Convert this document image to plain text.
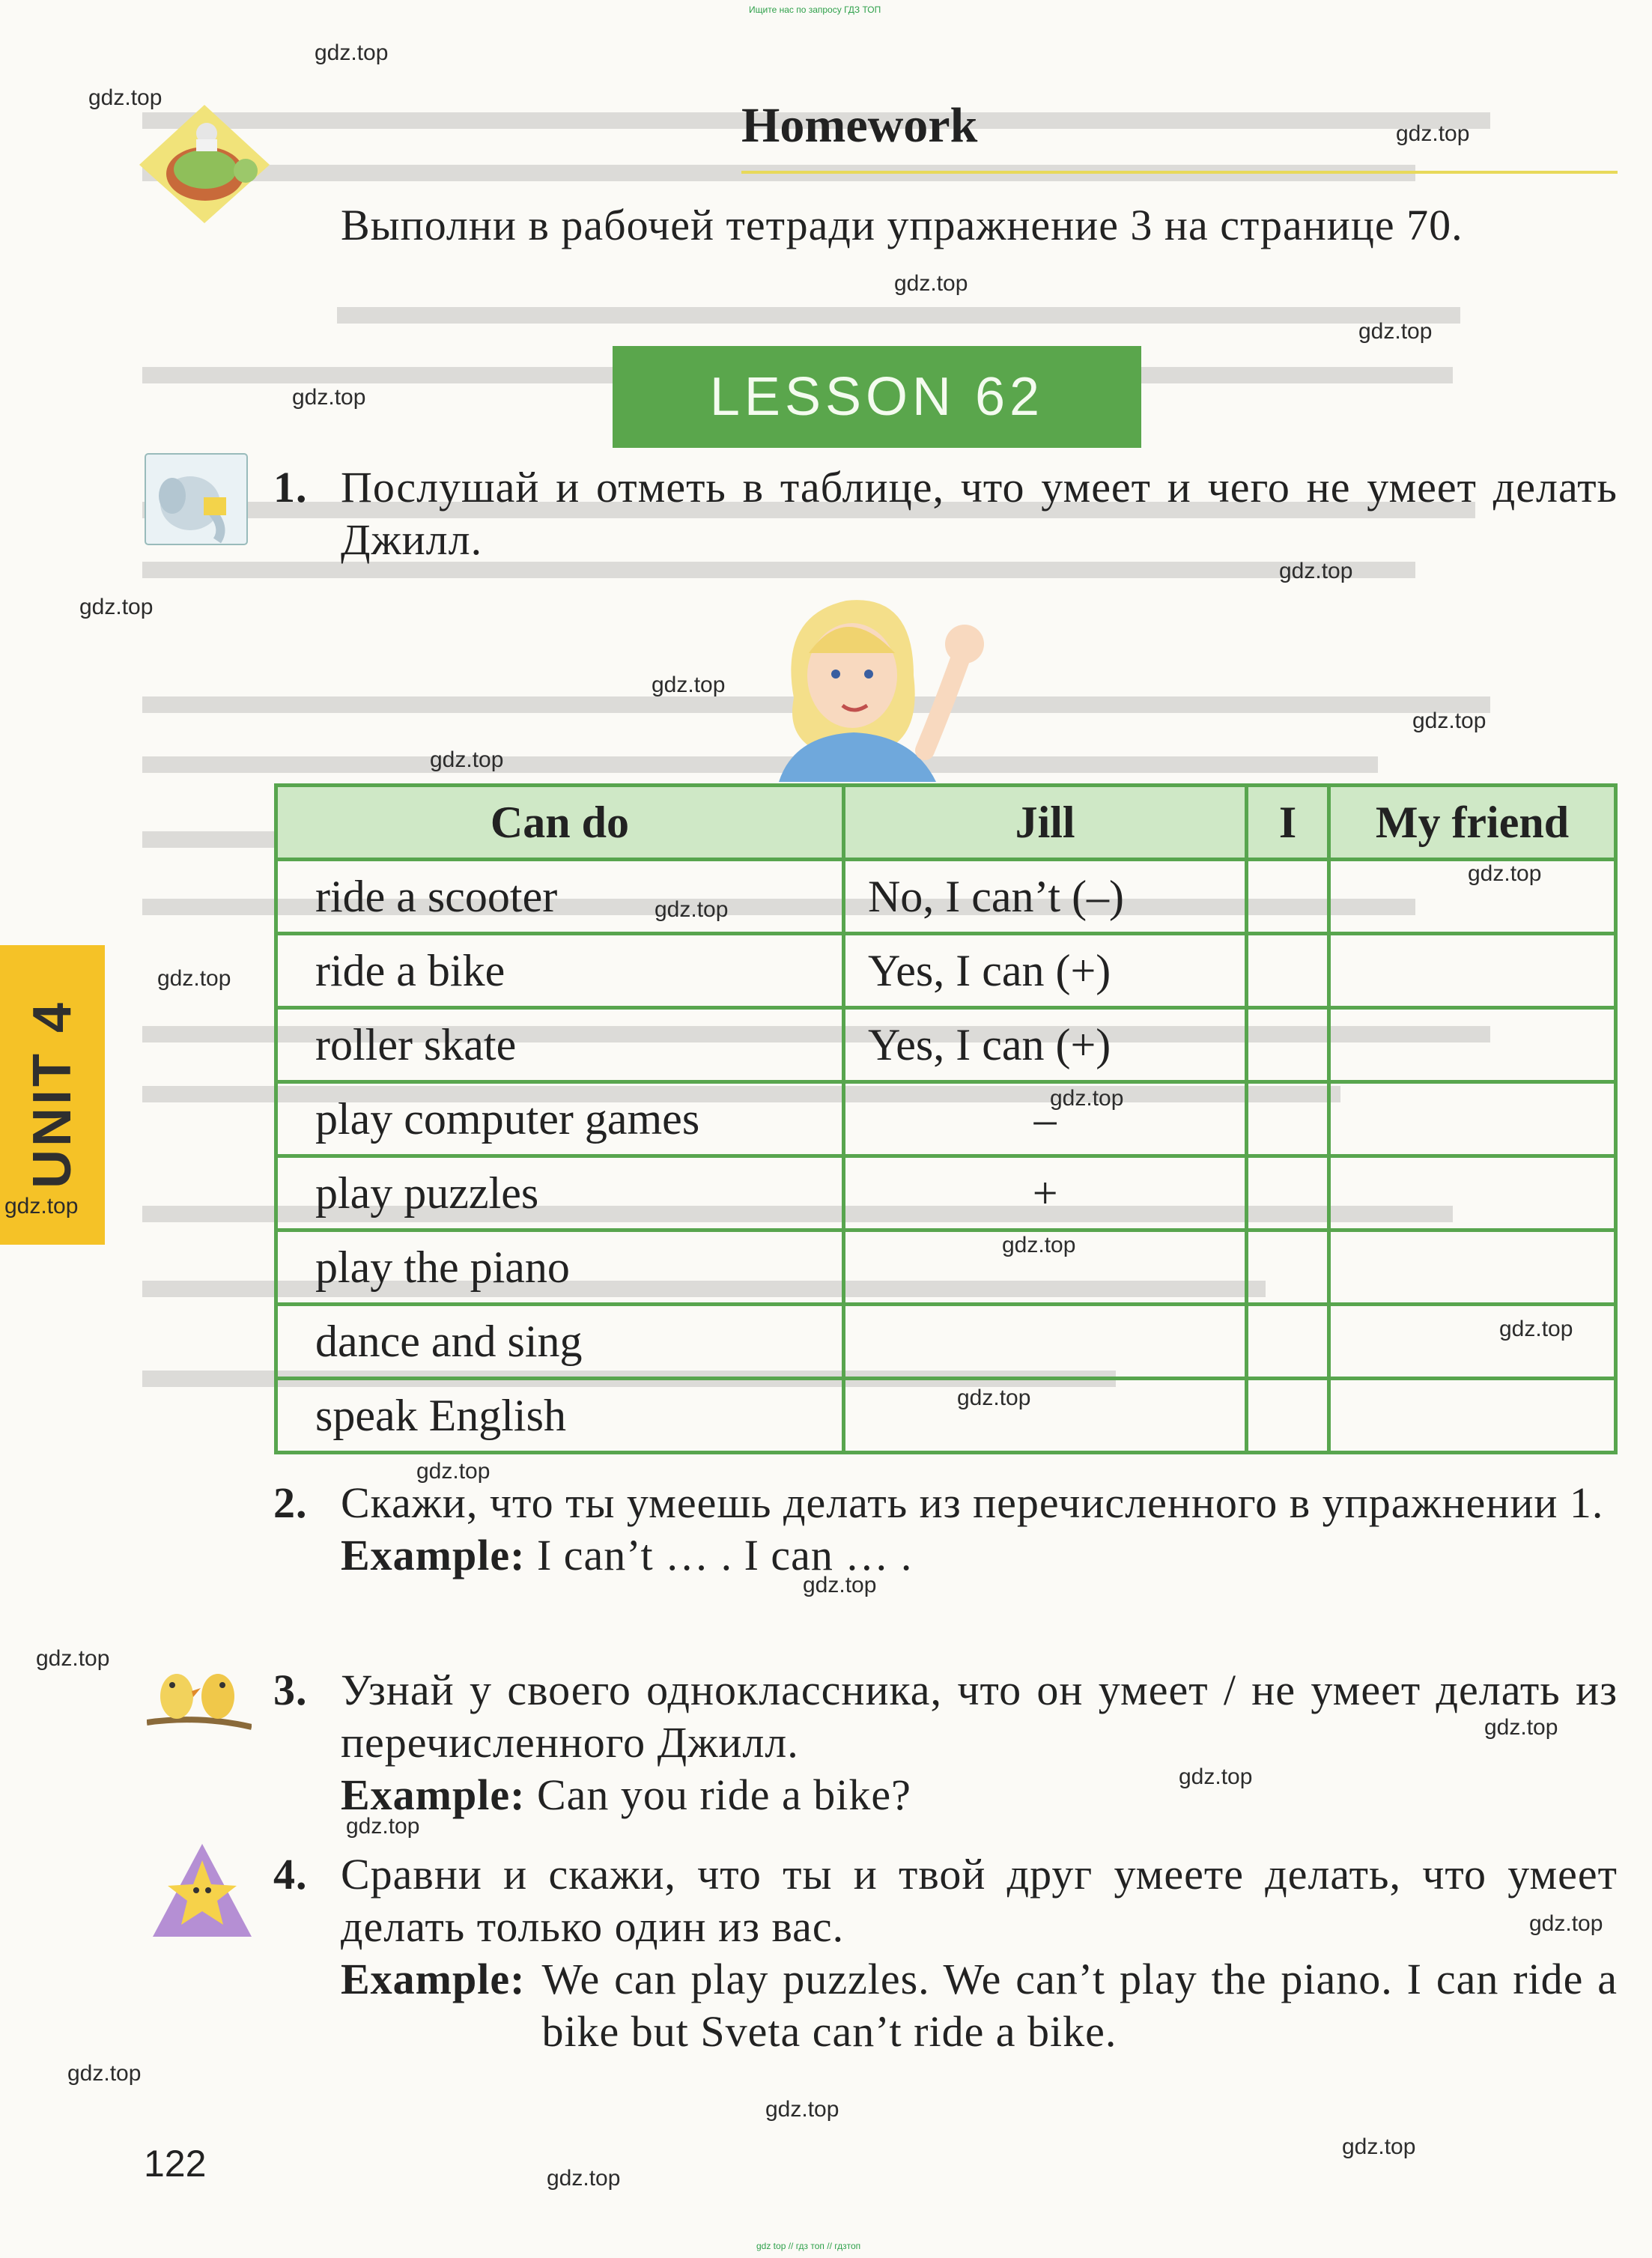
Ищите нас по запросу ГДЗ ТОП
Homework
Выполни в рабочей тетради упражнение 3 на странице 70.
LESSON 62
1. Послушай и отметь в таблице, что умеет и чего не умеет делать Джилл.
UNIT 4
Can do	Jill	I	My friend
ride a scooter	No, I can’t (–)		
ride a bike	Yes, I can (+)		
roller skate	Yes, I can (+)		
play computer games	–		
play puzzles	+		
play the piano			
dance and sing			
speak English			
2. Скажи, что ты умеешь делать из перечисленного в упражнении 1.
Example: I can’t … . I can … .
3. Узнай у своего одноклассника, что он умеет / не умеет делать из перечисленного Джилл.
Example: Can you ride a bike?
4. Сравни и скажи, что ты и твой друг умеете делать, что умеет делать только один из вас.
Example: We can play puzzles. We can’t play the piano. I can ride a bike but Sveta can’t ride a bike.
122
gdz.top
gdz.top
gdz.top
gdz.top
gdz.top
gdz.top
gdz.top
gdz.top
gdz.top
gdz.top
gdz.top
gdz.top
gdz.top
gdz.top
gdz.top
gdz.top
gdz.top
gdz.top
gdz.top
gdz.top
gdz.top
gdz.top
gdz.top
gdz.top
gdz.top
gdz.top
gdz.top
gdz.top
gdz.top
gdz.top
gdz top // гдз топ // гдзтоп
